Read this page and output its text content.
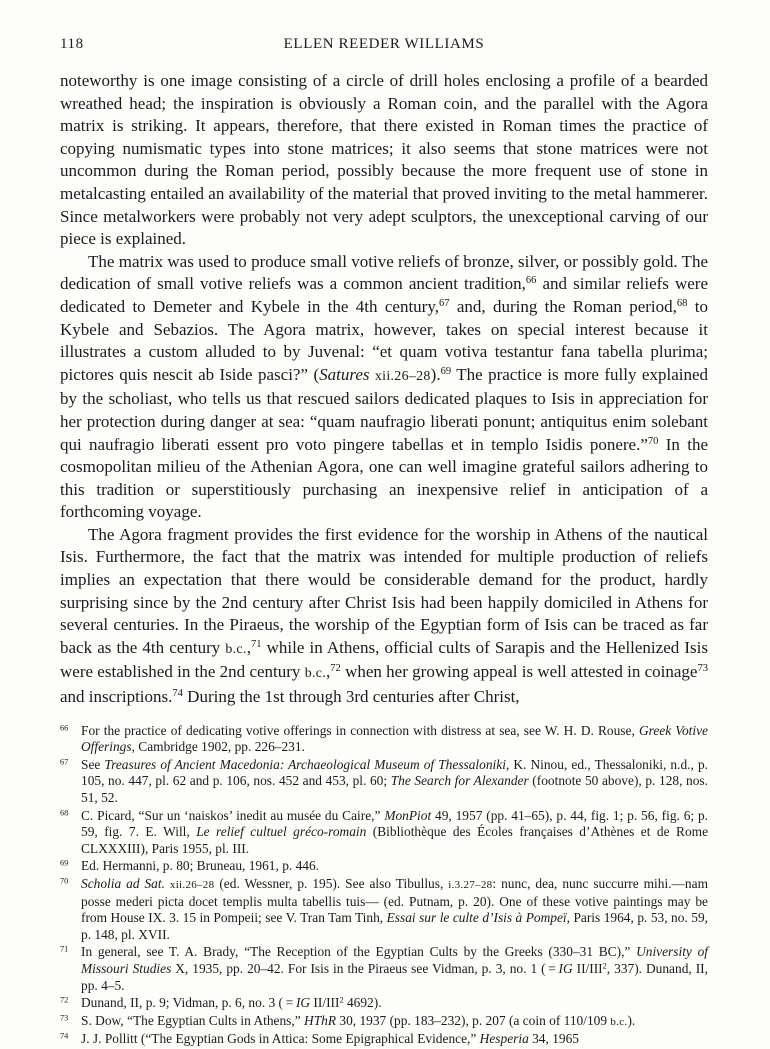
118	ELLEN REEDER WILLIAMS

noteworthy is one image consisting of a circle of drill holes enclosing a profile of a bearded wreathed head; the inspiration is obviously a Roman coin, and the parallel with the Agora matrix is striking. It appears, therefore, that there existed in Roman times the practice of copying numismatic types into stone matrices; it also seems that stone matrices were not uncommon during the Roman period, possibly because the more frequent use of stone in metalcasting entailed an availability of the material that proved inviting to the metal hammerer. Since metalworkers were probably not very adept sculptors, the unexceptional carving of our piece is explained.

The matrix was used to produce small votive reliefs of bronze, silver, or possibly gold. The dedication of small votive reliefs was a common ancient tradition,$^{66}$ and similar reliefs were dedicated to Demeter and Kybele in the 4th century,$^{67}$ and, during the Roman period,$^{68}$ to Kybele and Sebazios. The Agora matrix, however, takes on special interest because it illustrates a custom alluded to by Juvenal: “et quam votiva testantur fana tabella plurima; pictores quis nescit ab Iside pasci?” (Satures xii.26–28).$^{69}$ The practice is more fully explained by the scholiast, who tells us that rescued sailors dedicated plaques to Isis in appreciation for her protection during danger at sea: “quam naufragio liberati ponunt; antiquitus enim solebant qui naufragio liberati essent pro voto pingere tabellas et in templo Isidis ponere.”$^{70}$ In the cosmopolitan milieu of the Athenian Agora, one can well imagine grateful sailors adhering to this tradition or superstitiously purchasing an inexpensive relief in anticipation of a forthcoming voyage.

The Agora fragment provides the first evidence for the worship in Athens of the nautical Isis. Furthermore, the fact that the matrix was intended for multiple production of reliefs implies an expectation that there would be considerable demand for the product, hardly surprising since by the 2nd century after Christ Isis had been happily domiciled in Athens for several centuries. In the Piraeus, the worship of the Egyptian form of Isis can be traced as far back as the 4th century b.c.,$^{71}$ while in Athens, official cults of Sarapis and the Hellenized Isis were established in the 2nd century b.c.,$^{72}$ when her growing appeal is well attested in coinage$^{73}$ and inscriptions.$^{74}$ During the 1st through 3rd centuries after Christ,

$^{66}$ For the practice of dedicating votive offerings in connection with distress at sea, see W. H. D. Rouse, Greek Votive Offerings, Cambridge 1902, pp. 226–231.

$^{67}$ See Treasures of Ancient Macedonia: Archaeological Museum of Thessaloniki, K. Ninou, ed., Thessaloniki, n.d., p. 105, no. 447, pl. 62 and p. 106, nos. 452 and 453, pl. 60; The Search for Alexander (footnote 50 above), p. 128, nos. 51, 52.

$^{68}$ C. Picard, “Sur un ‘naiskos’ inedit au musée du Caire,” MonPiot 49, 1957 (pp. 41–65), p. 44, fig. 1; p. 56, fig. 6; p. 59, fig. 7. E. Will, Le relief cultuel gréco-romain (Bibliothèque des Écoles françaises d’Athènes et de Rome CLXXXIII), Paris 1955, pl. III.

$^{69}$ Ed. Hermanni, p. 80; Bruneau, 1961, p. 446.

$^{70}$ Scholia ad Sat. xii.26–28 (ed. Wessner, p. 195). See also Tibullus, i.3.27–28: nunc, dea, nunc succurre mihi.—nam posse mederi picta docet templis multa tabellis tuis— (ed. Putnam, p. 20). One of these votive paintings may be from House IX. 3. 15 in Pompeii; see V. Tran Tam Tinh, Essai sur le culte d’Isis à Pompeï, Paris 1964, p. 53, no. 59, p. 148, pl. XVII.

$^{71}$ In general, see T. A. Brady, “The Reception of the Egyptian Cults by the Greeks (330–31 BC),” University of Missouri Studies X, 1935, pp. 20–42. For Isis in the Piraeus see Vidman, p. 3, no. 1 ( = IG II/III$^2$, 337). Dunand, II, pp. 4–5.

$^{72}$ Dunand, II, p. 9; Vidman, p. 6, no. 3 ( = IG II/III$^2$ 4692).

$^{73}$ S. Dow, “The Egyptian Cults in Athens,” HThR 30, 1937 (pp. 183–232), p. 207 (a coin of 110/109 b.c.).

$^{74}$ J. J. Pollitt (“The Egyptian Gods in Attica: Some Epigraphical Evidence,” Hesperia 34, 1965
